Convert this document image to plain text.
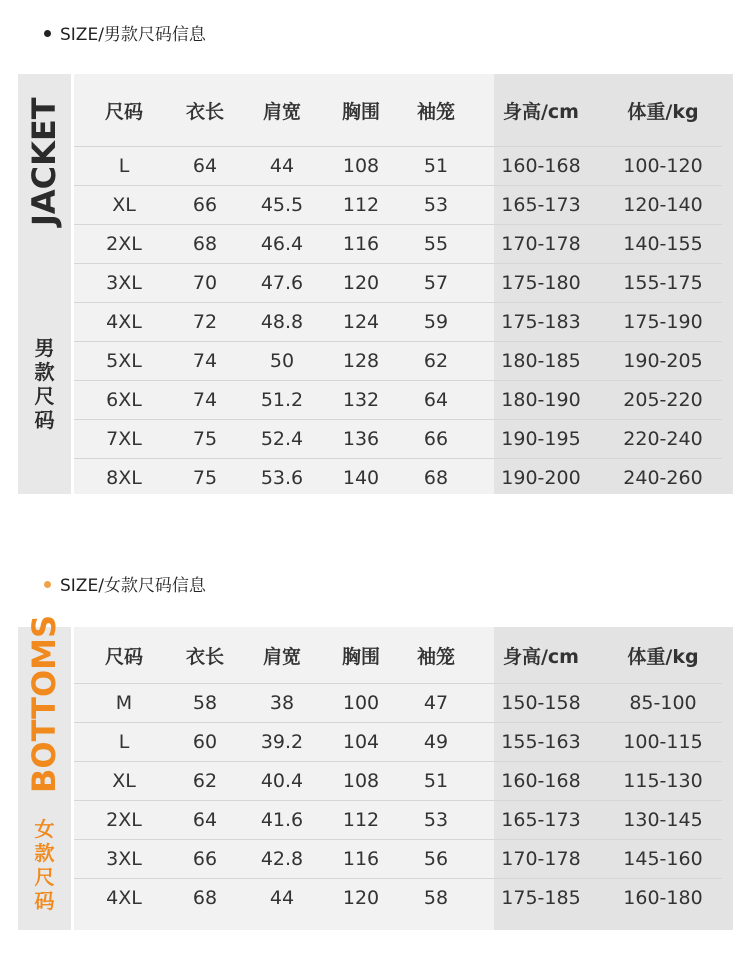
SIZE/男款尺码信息
JACKET
男
款
尺
码
尺码	衣长	肩宽	胸围	袖笼	身高/cm	体重/kg
L	64	44	108	51	160-168	100-120
XL	66	45.5	112	53	165-173	120-140
2XL	68	46.4	116	55	170-178	140-155
3XL	70	47.6	120	57	175-180	155-175
4XL	72	48.8	124	59	175-183	175-190
5XL	74	50	128	62	180-185	190-205
6XL	74	51.2	132	64	180-190	205-220
7XL	75	52.4	136	66	190-195	220-240
8XL	75	53.6	140	68	190-200	240-260
SIZE/女款尺码信息
BOTTOMS
女
款
尺
码
尺码	衣长	肩宽	胸围	袖笼	身高/cm	体重/kg
M	58	38	100	47	150-158	85-100
L	60	39.2	104	49	155-163	100-115
XL	62	40.4	108	51	160-168	115-130
2XL	64	41.6	112	53	165-173	130-145
3XL	66	42.8	116	56	170-178	145-160
4XL	68	44	120	58	175-185	160-180
